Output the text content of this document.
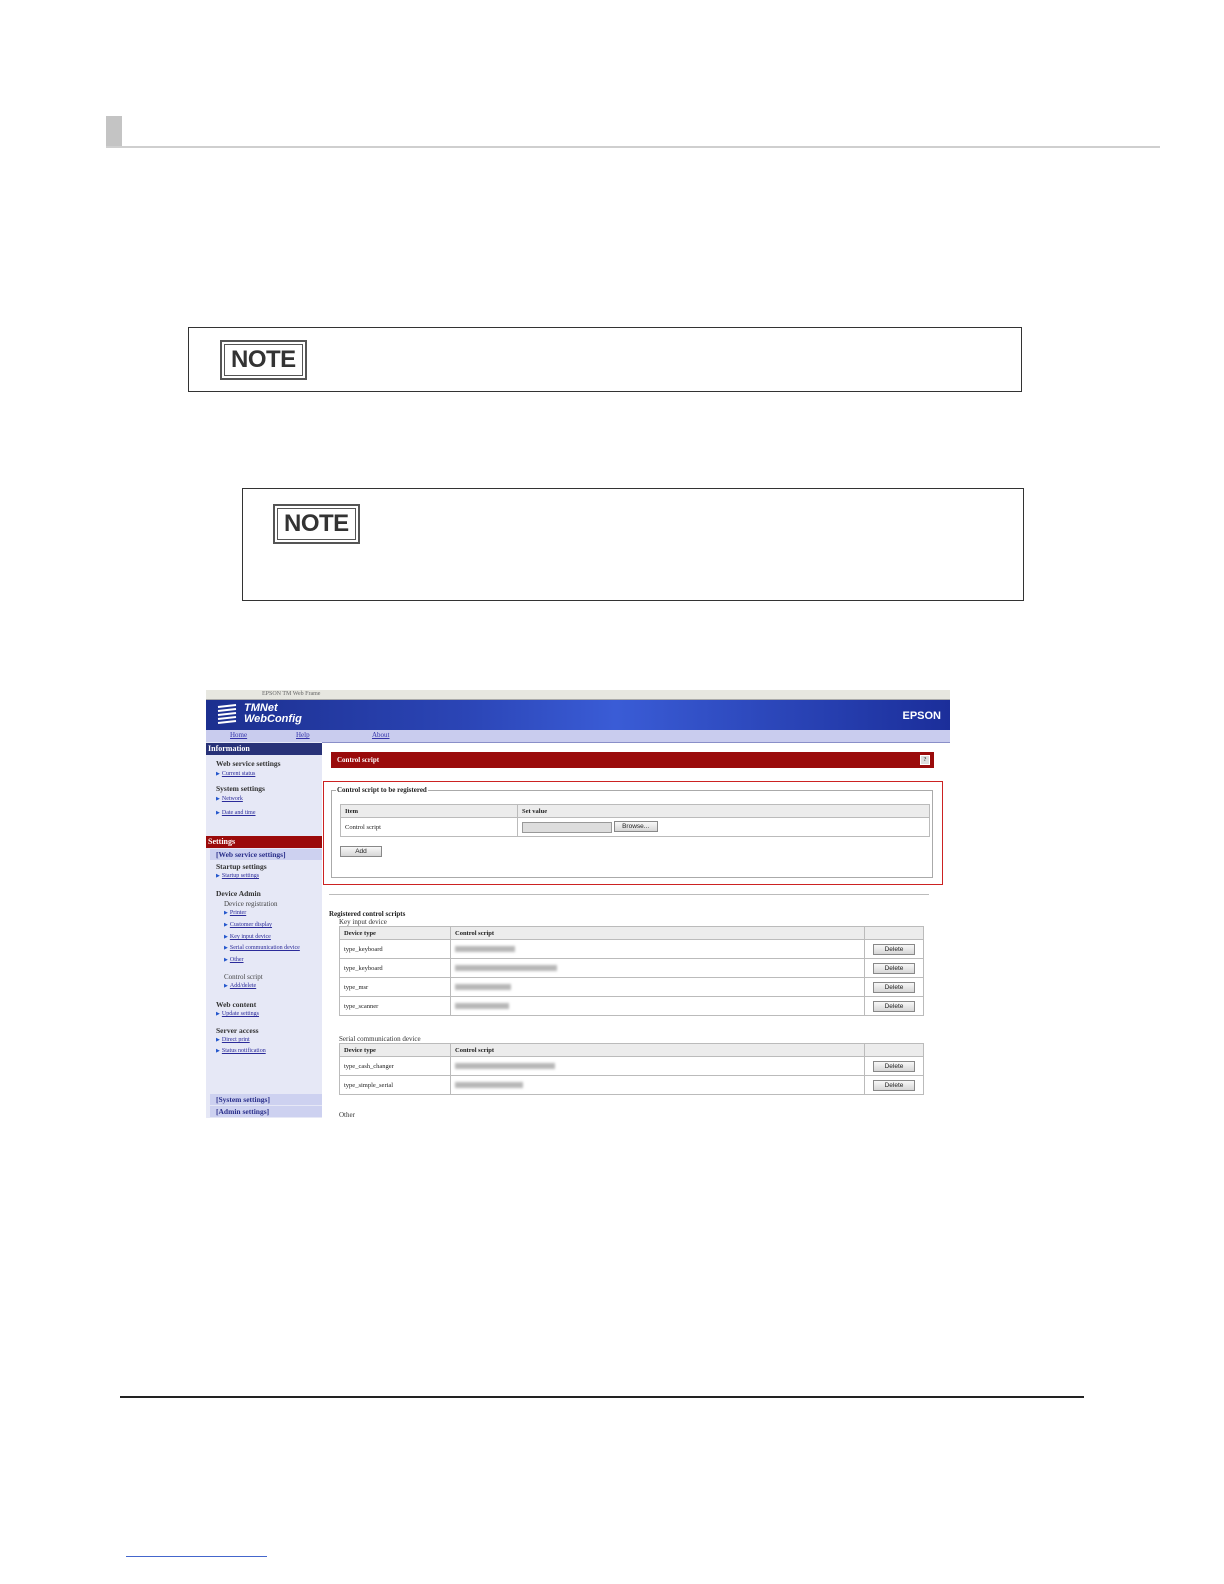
NOTE
NOTE
EPSON TM Web Frame
TMNet
WebConfig	EPSON
Home	Help	About
Information
Web service settings
▶ Current status
System settings
▶ Network
▶ Date and time
Settings
[Web service settings]
Startup settings
▶ Startup settings
Device Admin
Device registration
▶ Printer
▶ Customer display
▶ Key input device
▶ Serial communication device
▶ Other
Control script
▶ Add/delete
Web content
▶ Update settings
Server access
▶ Direct print
▶ Status notification
[System settings]
[Admin settings]
Control script	?
Control script to be registered
Item	Set value
Control script	Browse...
Add
Registered control scripts
Key input device
Device type	Control script	
type_keyboard		Delete
type_keyboard		Delete
type_msr		Delete
type_scanner		Delete
Serial communication device
Device type	Control script	
type_cash_changer		Delete
type_simple_serial		Delete
Other
